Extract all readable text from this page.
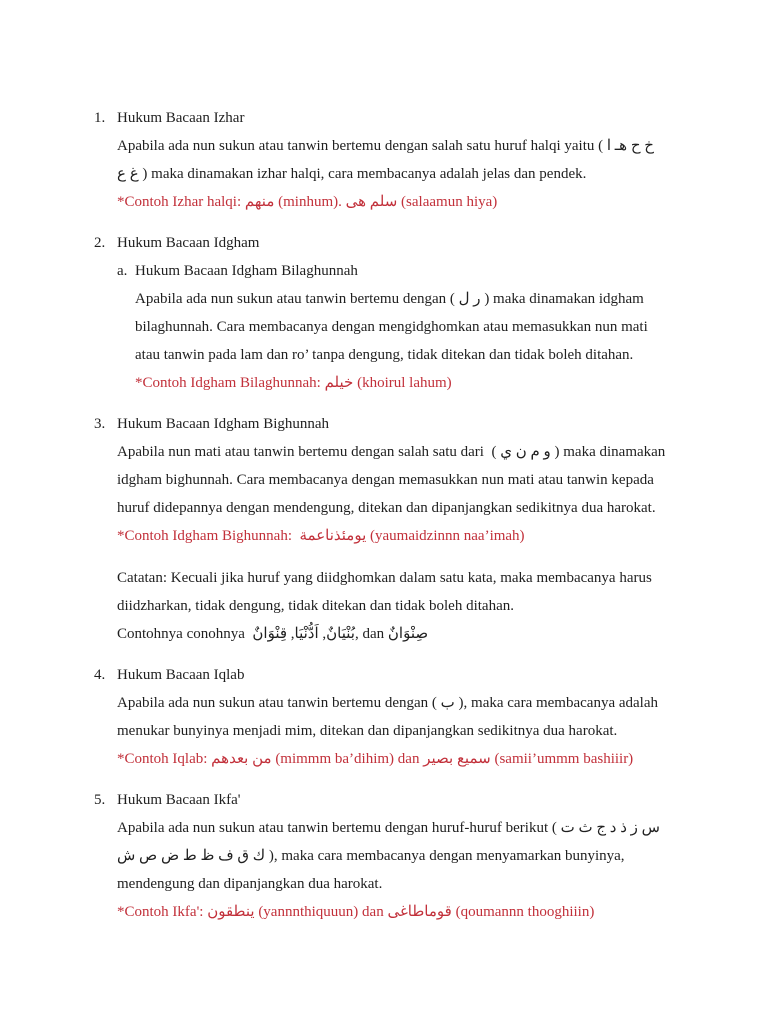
1. Hukum Bacaan Izhar
Apabila ada nun sukun atau tanwin bertemu dengan salah satu huruf halqi yaitu ( خ ح هـ ا
غ ع ) maka dinamakan izhar halqi, cara membacanya adalah jelas dan pendek.
*Contoh Izhar halqi: منهم (minhum). سلم هى (salaamun hiya)
2. Hukum Bacaan Idgham
a. Hukum Bacaan Idgham Bilaghunnah
Apabila ada nun sukun atau tanwin bertemu dengan ( ر ل ) maka dinamakan idgham
bilaghunnah. Cara membacanya dengan mengidghomkan atau memasukkan nun mati
atau tanwin pada lam dan ro’ tanpa dengung, tidak ditekan dan tidak boleh ditahan.
*Contoh Idgham Bilaghunnah: خيلم (khoirul lahum)
3. Hukum Bacaan Idgham Bighunnah
Apabila nun mati atau tanwin bertemu dengan salah satu dari  ( و م ن ي ) maka dinamakan
idgham bighunnah. Cara membacanya dengan memasukkan nun mati atau tanwin kepada
huruf didepannya dengan mendengung, ditekan dan dipanjangkan sedikitnya dua harokat.
*Contoh Idgham Bighunnah:  يومئذناعمة (yaumaidzinnn naa’imah)
Catatan: Kecuali jika huruf yang diidghomkan dalam satu kata, maka membacanya harus
diidzharkan, tidak dengung, tidak ditekan dan tidak boleh ditahan.
Contohnya conohnya  بُنْيَانٌ, اَدُّنْيَا, قِنْوَانٌ, dan صِنْوَانٌ
4. Hukum Bacaan Iqlab
Apabila ada nun sukun atau tanwin bertemu dengan ( ب ), maka cara membacanya adalah
menukar bunyinya menjadi mim, ditekan dan dipanjangkan sedikitnya dua harokat.
*Contoh Iqlab: من بعدهم (mimmm ba’dihim) dan سميع بصير (samii’ummm bashiiir)
5. Hukum Bacaan Ikfa'
Apabila ada nun sukun atau tanwin bertemu dengan huruf-huruf berikut ( س ز ذ د ج ث ت
ك ق ف ظ ط ض ص ش ), maka cara membacanya dengan menyamarkan bunyinya,
mendengung dan dipanjangkan dua harokat.
*Contoh Ikfa': ينطقون (yannnthiquuun) dan قوماطاغى (qoumannn thooghiiin)
